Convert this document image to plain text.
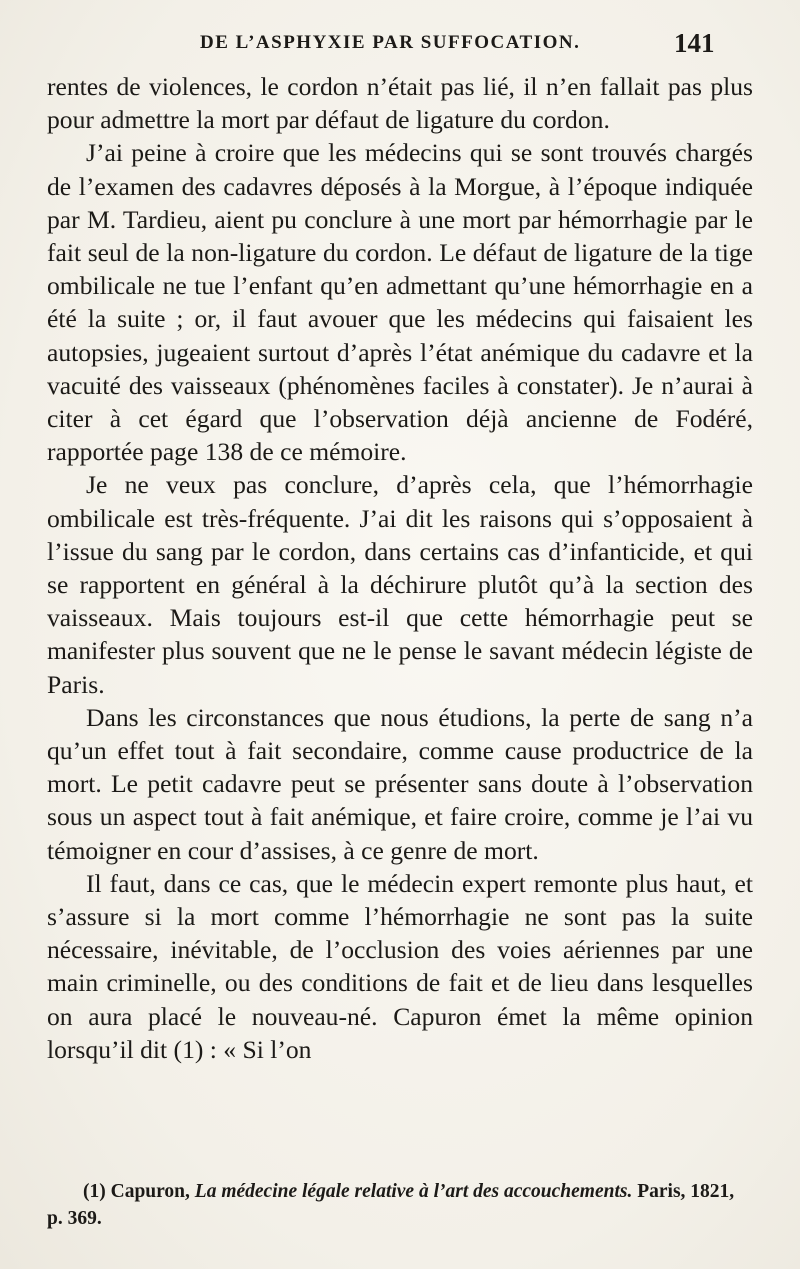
DE L’ASPHYXIE PAR SUFFOCATION.	141

rentes de violences, le cordon n’était pas lié, il n’en fallait pas plus pour admettre la mort par défaut de ligature du cordon.

J’ai peine à croire que les médecins qui se sont trouvés chargés de l’examen des cadavres déposés à la Morgue, à l’époque indiquée par M. Tardieu, aient pu conclure à une mort par hémorrhagie par le fait seul de la non-ligature du cordon. Le défaut de ligature de la tige ombilicale ne tue l’enfant qu’en admettant qu’une hémorrhagie en a été la suite ; or, il faut avouer que les médecins qui faisaient les autopsies, jugeaient surtout d’après l’état anémique du cadavre et la vacuité des vaisseaux (phénomènes faciles à constater). Je n’aurai à citer à cet égard que l’observation déjà ancienne de Fodéré, rapportée page 138 de ce mémoire.

Je ne veux pas conclure, d’après cela, que l’hémorrhagie ombilicale est très-fréquente. J’ai dit les raisons qui s’opposaient à l’issue du sang par le cordon, dans certains cas d’infanticide, et qui se rapportent en général à la déchirure plutôt qu’à la section des vaisseaux. Mais toujours est-il que cette hémorrhagie peut se manifester plus souvent que ne le pense le savant médecin légiste de Paris.

Dans les circonstances que nous étudions, la perte de sang n’a qu’un effet tout à fait secondaire, comme cause productrice de la mort. Le petit cadavre peut se présenter sans doute à l’observation sous un aspect tout à fait anémique, et faire croire, comme je l’ai vu témoigner en cour d’assises, à ce genre de mort.

Il faut, dans ce cas, que le médecin expert remonte plus haut, et s’assure si la mort comme l’hémorrhagie ne sont pas la suite nécessaire, inévitable, de l’occlusion des voies aériennes par une main criminelle, ou des conditions de fait et de lieu dans lesquelles on aura placé le nouveau-né. Capuron émet la même opinion lorsqu’il dit (1) : « Si l’on

(1) Capuron, La médecine légale relative à l’art des accouchements. Paris, 1821, p. 369.
